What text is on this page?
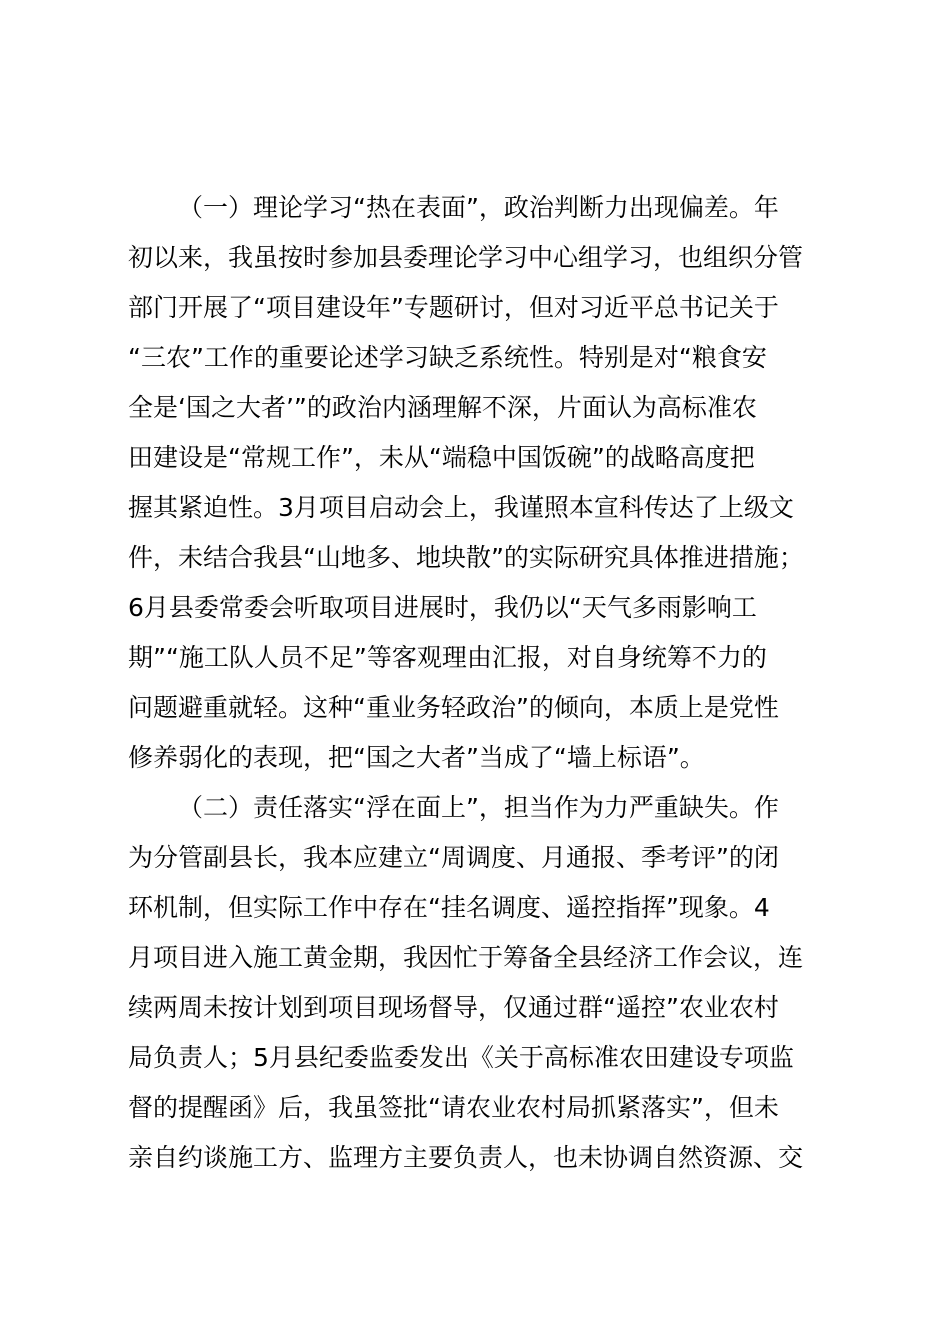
（一）理论学习“热在表面”，政治判断力出现偏差。年
初以来，我虽按时参加县委理论学习中心组学习，也组织分管
部门开展了“项目建设年”专题研讨，但对习近平总书记关于
“三农”工作的重要论述学习缺乏系统性。特别是对“粮食安
全是‘国之大者’”的政治内涵理解不深，片面认为高标准农
田建设是“常规工作”，未从“端稳中国饭碗”的战略高度把
握其紧迫性。3月项目启动会上，我谨照本宣科传达了上级文
件，未结合我县“山地多、地块散”的实际研究具体推进措施；
6月县委常委会听取项目进展时，我仍以“天气多雨影响工
期”“施工队人员不足”等客观理由汇报，对自身统筹不力的
问题避重就轻。这种“重业务轻政治”的倾向，本质上是党性
修养弱化的表现，把“国之大者”当成了“墙上标语”。
（二）责任落实“浮在面上”，担当作为力严重缺失。作
为分管副县长，我本应建立“周调度、月通报、季考评”的闭
环机制，但实际工作中存在“挂名调度、遥控指挥”现象。4
月项目进入施工黄金期，我因忙于筹备全县经济工作会议，连
续两周未按计划到项目现场督导，仅通过群“遥控”农业农村
局负责人；5月县纪委监委发出《关于高标准农田建设专项监
督的提醒函》后，我虽签批“请农业农村局抓紧落实”，但未
亲自约谈施工方、监理方主要负责人，也未协调自然资源、交
